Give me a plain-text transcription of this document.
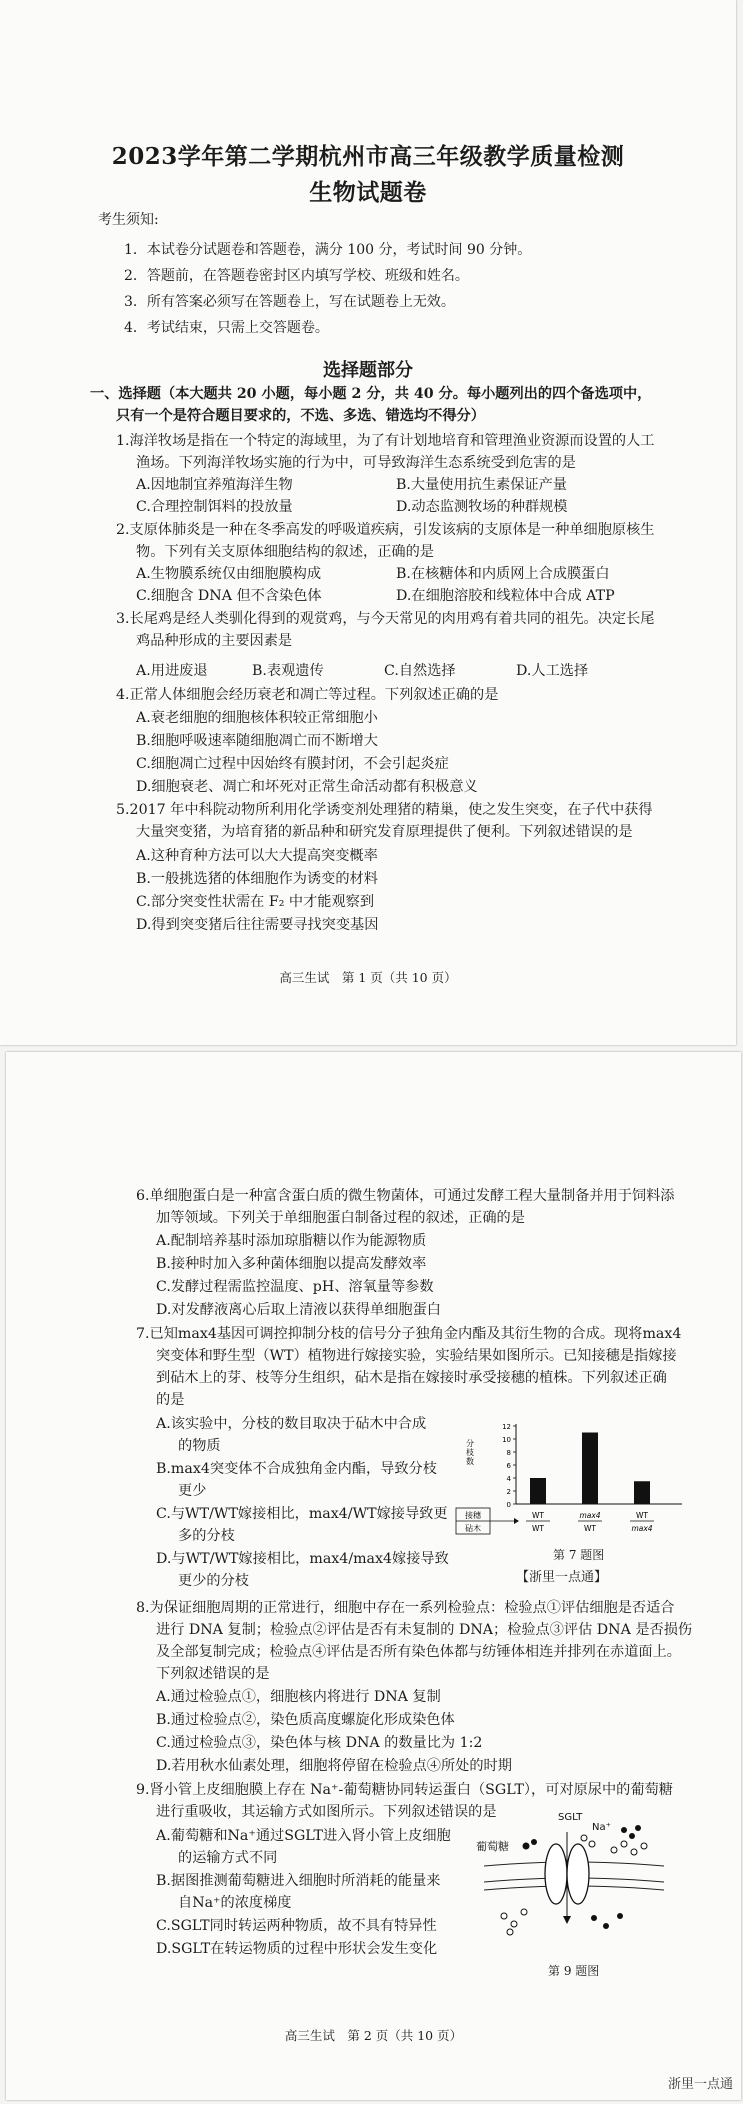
2023学年第二学期杭州市高三年级教学质量检测
生物试题卷
考生须知:
1．本试卷分试题卷和答题卷，满分 100 分，考试时间 90 分钟。
2．答题前，在答题卷密封区内填写学校、班级和姓名。
3．所有答案必须写在答题卷上，写在试题卷上无效。
4．考试结束，只需上交答题卷。
选择题部分
一、选择题（本大题共 20 小题，每小题 2 分，共 40 分。每小题列出的四个备选项中，
只有一个是符合题目要求的，不选、多选、错选均不得分）
1.海洋牧场是指在一个特定的海域里，为了有计划地培育和管理渔业资源而设置的人工
渔场。下列海洋牧场实施的行为中，可导致海洋生态系统受到危害的是
A.因地制宜养殖海洋生物	B.大量使用抗生素保证产量
C.合理控制饵料的投放量	D.动态监测牧场的种群规模
2.支原体肺炎是一种在冬季高发的呼吸道疾病，引发该病的支原体是一种单细胞原核生
物。下列有关支原体细胞结构的叙述，正确的是
A.生物膜系统仅由细胞膜构成	B.在核糖体和内质网上合成膜蛋白
C.细胞含 DNA 但不含染色体	D.在细胞溶胶和线粒体中合成 ATP
3.长尾鸡是经人类驯化得到的观赏鸡，与今天常见的肉用鸡有着共同的祖先。决定长尾
鸡品种形成的主要因素是
A.用进废退	B.表观遗传	C.自然选择	D.人工选择
4.正常人体细胞会经历衰老和凋亡等过程。下列叙述正确的是
A.衰老细胞的细胞核体积较正常细胞小
B.细胞呼吸速率随细胞凋亡而不断增大
C.细胞凋亡过程中因始终有膜封闭，不会引起炎症
D.细胞衰老、凋亡和坏死对正常生命活动都有积极意义
5.2017 年中科院动物所利用化学诱变剂处理猪的精巢，使之发生突变，在子代中获得
大量突变猪，为培育猪的新品种和研究发育原理提供了便利。下列叙述错误的是
A.这种育种方法可以大大提高突变概率
B.一般挑选猪的体细胞作为诱变的材料
C.部分突变性状需在 F₂ 中才能观察到
D.得到突变猪后往往需要寻找突变基因
高三生试　第 1 页（共 10 页）
6.单细胞蛋白是一种富含蛋白质的微生物菌体，可通过发酵工程大量制备并用于饲料添
加等领域。下列关于单细胞蛋白制备过程的叙述，正确的是
A.配制培养基时添加琼脂糖以作为能源物质
B.接种时加入多种菌体细胞以提高发酵效率
C.发酵过程需监控温度、pH、溶氧量等参数
D.对发酵液离心后取上清液以获得单细胞蛋白
7.已知max4基因可调控抑制分枝的信号分子独角金内酯及其衍生物的合成。现将max4
突变体和野生型（WT）植物进行嫁接实验，实验结果如图所示。已知接穗是指嫁接
到砧木上的芽、枝等分生组织，砧木是指在嫁接时承受接穗的植株。下列叙述正确
的是
A.该实验中，分枝的数目取决于砧木中合成
的物质
B.max4突变体不合成独角金内酯，导致分枝
更少
C.与WT/WT嫁接相比，max4/WT嫁接导致更
多的分枝
D.与WT/WT嫁接相比，max4/max4嫁接导致
更少的分枝
分枝数
0
2
4
6
8
10
12
接穗
砧木
WT
WT
max4
WT
WT
max4
第 7 题图
【浙里一点通】
8.为保证细胞周期的正常进行，细胞中存在一系列检验点：检验点①评估细胞是否适合
进行 DNA 复制；检验点②评估是否有未复制的 DNA；检验点③评估 DNA 是否损伤
及全部复制完成；检验点④评估是否所有染色体都与纺锤体相连并排列在赤道面上。
下列叙述错误的是
A.通过检验点①，细胞核内将进行 DNA 复制
B.通过检验点②，染色质高度螺旋化形成染色体
C.通过检验点③，染色体与核 DNA 的数量比为 1:2
D.若用秋水仙素处理，细胞将停留在检验点④所处的时期
9.肾小管上皮细胞膜上存在 Na⁺-葡萄糖协同转运蛋白（SGLT），可对原尿中的葡萄糖
进行重吸收，其运输方式如图所示。下列叙述错误的是
A.葡萄糖和Na⁺通过SGLT进入肾小管上皮细胞
的运输方式不同
B.据图推测葡萄糖进入细胞时所消耗的能量来
自Na⁺的浓度梯度
C.SGLT同时转运两种物质，故不具有特异性
D.SGLT在转运物质的过程中形状会发生变化
葡萄糖
SGLT
Na⁺
第 9 题图
高三生试　第 2 页（共 10 页）
浙里一点通
